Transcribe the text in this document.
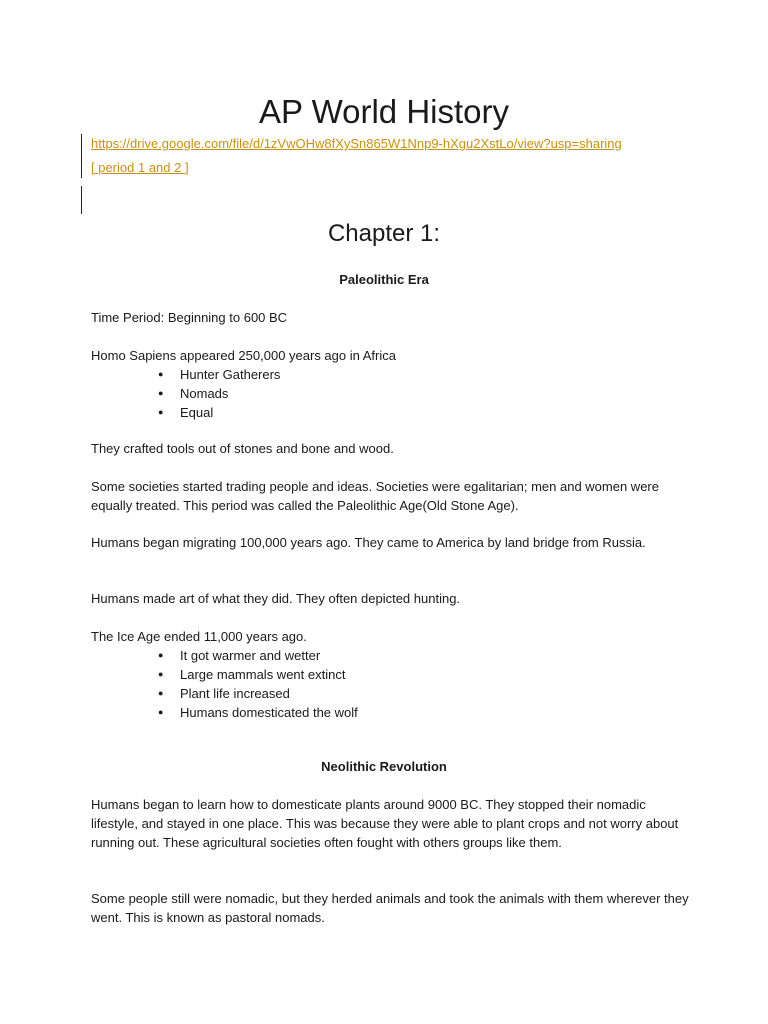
AP World History
https://drive.google.com/file/d/1zVwOHw8fXySn865W1Nnp9-hXgu2XstLo/view?usp=sharing
[ period 1 and 2 ]
Chapter 1:
Paleolithic Era

Time Period: Beginning to 600 BC

Homo Sapiens appeared 250,000 years ago in Africa

● Hunter Gatherers
● Nomads
● Equal

They crafted tools out of stones and bone and wood.

Some societies started trading people and ideas. Societies were egalitarian; men and women were equally treated. This period was called the Paleolithic Age(Old Stone Age).

Humans began migrating 100,000 years ago. They came to America by land bridge from Russia.

Humans made art of what they did. They often depicted hunting.

The Ice Age ended 11,000 years ago.

● It got warmer and wetter
● Large mammals went extinct
● Plant life increased
● Humans domesticated the wolf
Neolithic Revolution

Humans began to learn how to domesticate plants around 9000 BC. They stopped their nomadic lifestyle, and stayed in one place. This was because they were able to plant crops and not worry about running out. These agricultural societies often fought with others groups like them.

Some people still were nomadic, but they herded animals and took the animals with them wherever they went. This is known as pastoral nomads.
